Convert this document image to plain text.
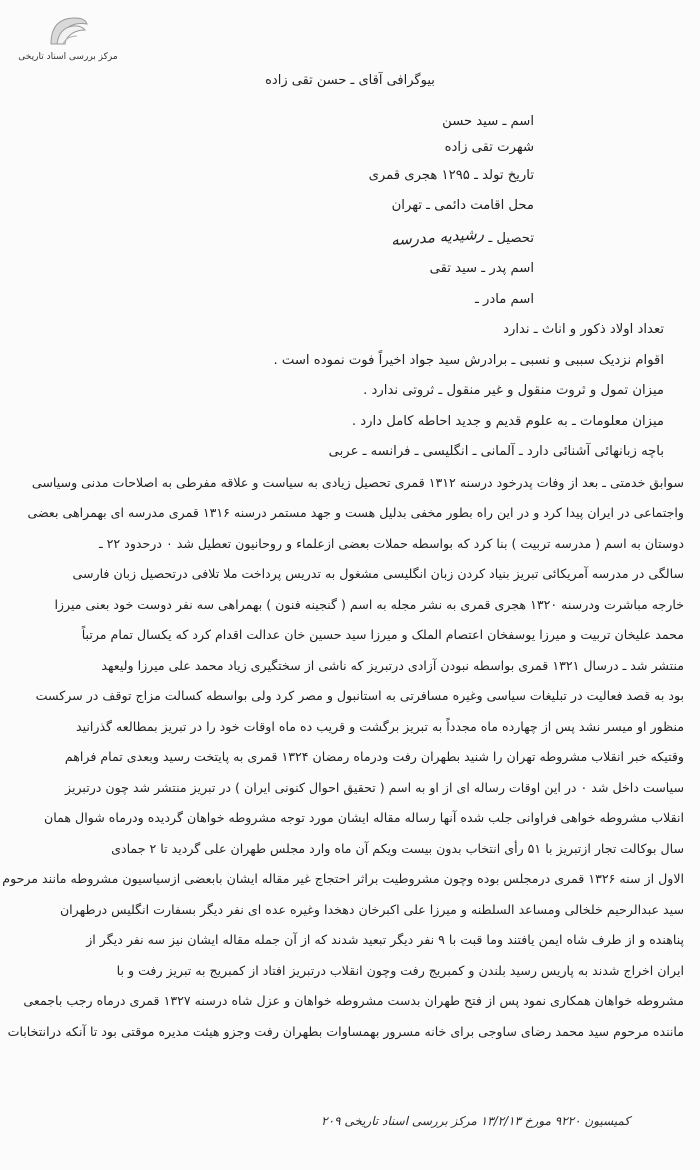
مرکز بررسی اسناد تاریخی
بیوگرافی آقای ـ حسن تقی زاده
اسم ـ سید حسن
شهرت تقی زاده
تاریخ تولد ـ ۱۲۹۵ هجری قمری
محل اقامت دائمی ـ تهران
تحصیل ـ رشیدیه مدرسه
اسم پدر ـ سید تقی
اسم مادر ـ
تعداد اولاد ذکور و اناث ـ ندارد
اقوام نزدیک سببی و نسبی ـ برادرش سید جواد اخیراً فوت نموده است .
میزان تمول و ثروت منقول و غیر منقول ـ ثروتی ندارد .
میزان معلومات ـ به علوم قدیم و جدید احاطه کامل دارد .
باچه زبانهائی آشنائی دارد ـ آلمانی ـ انگلیسی ـ فرانسه ـ عربی
سوابق خدمتی ـ بعد از وفات پدرخود درسنه ۱۳۱۲ قمری تحصیل زیادی به سیاست و علاقه مفرطی به اصلاحات مدنی وسیاسی
واجتماعی در ایران پیدا کرد و در این راه بطور مخفی بدلیل هست و جهد مستمر درسنه ۱۳۱۶ قمری مدرسه ای بهمراهی بعضی
دوستان به اسم ( مدرسه تربیت ) بنا کرد که بواسطه حملات بعضی ازعلماء و روحانیون تعطیل شد ۰ درحدود ۲۲ ـ
سالگی در مدرسه آمریکائی تبریز بنیاد کردن زبان انگلیسی مشغول به تدریس پرداخت ملا تلافی درتحصیل زبان فارسی
خارجه مباشرت ودرسنه ۱۳۲۰ هجری قمری به نشر مجله به اسم ( گنجینه فنون ) بهمراهی سه نفر دوست خود بعنی میرزا
محمد علیخان تربیت و میرزا یوسفخان اعتصام الملک و میرزا سید حسین خان عدالت اقدام کرد که یکسال تمام مرتباً
منتشر شد ـ درسال ۱۳۲۱ قمری بواسطه نبودن آزادی درتبریز که ناشی از سختگیری زیاد محمد علی میرزا ولیعهد
بود به قصد فعالیت در تبلیغات سیاسی وغیره مسافرتی به استانبول و مصر کرد ولی بواسطه کسالت مزاج توقف در سرکست
منظور او میسر نشد پس از چهارده ماه مجدداً به تبریز برگشت و قریب ده ماه اوقات خود را در تبریز بمطالعه گذرانید
وقتیکه خبر انقلاب مشروطه تهران را شنید بطهران رفت ودرماه رمضان ۱۳۲۴ قمری به پایتخت رسید وبعدی تمام فراهم
سیاست داخل شد ۰ در این اوقات رساله ای از او به اسم ( تحقیق احوال کنونی ایران ) در تبریز منتشر شد چون درتبریز
انقلاب مشروطه خواهی فراوانی جلب شده آنها رساله مقاله ایشان مورد توجه مشروطه خواهان گردیده ودرماه شوال همان
سال بوکالت تجار ازتبریز با ۵۱ رأی انتخاب بدون بیست ویکم آن ماه وارد مجلس طهران علی گردید تا ۲ جمادی
الاول از سنه ۱۳۲۶ قمری درمجلس بوده وچون مشروطیت براثر احتجاج غیر مقاله ایشان بابعضی ازسیاسیون مشروطه مانند مرحوم
سید عبدالرحیم خلخالی ومساعد السلطنه و میرزا علی اکبرخان دهخدا وغیره عده ای نفر دیگر بسفارت انگلیس درطهران
پناهنده و از طرف شاه ایمن یافتند وما قبت با ۹ نفر دیگر تبعید شدند که از آن جمله مقاله ایشان نیز سه نفر دیگر از
ایران اخراج شدند به پاریس رسید بلندن و کمبریج رفت وچون انقلاب درتبریز افتاد از کمبریج به تبریز رفت و با
مشروطه خواهان همکاری نمود پس از فتح طهران بدست مشروطه خواهان و عزل شاه درسنه ۱۳۲۷ قمری درماه رجب باجمعی
ماننده مرحوم سید محمد رضای ساوجی برای خانه مسرور بهمساوات بطهران رفت وجزو هیئت مدیره موقتی بود تا آنکه درانتخابات
کمیسیون ۹۲۲۰ مورخ ۱۳/۲/۱۳ مرکز بررسی اسناد تاریخی ۲۰۹
